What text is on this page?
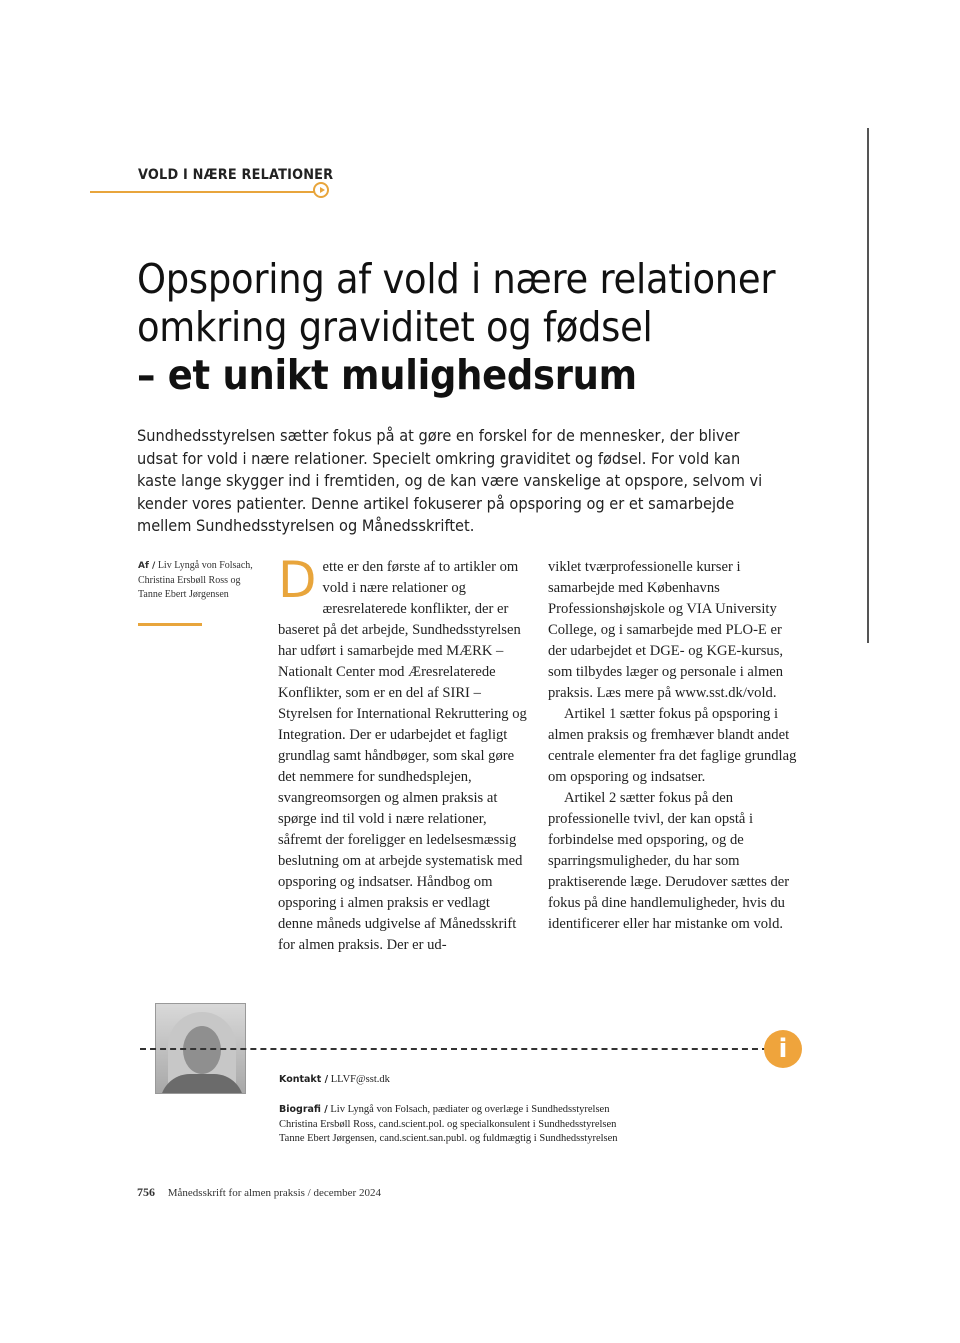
VOLD I NÆRE RELATIONER
Opsporing af vold i nære relationer
omkring graviditet og fødsel
– et unikt mulighedsrum
Sundhedsstyrelsen sætter fokus på at gøre en forskel for de mennesker, der bliver udsat for vold i nære relationer. Specielt omkring graviditet og fødsel. For vold kan kaste lange skygger ind i fremtiden, og de kan være vanskelige at opspore, selvom vi kender vores patienter. Denne artikel fokuserer på opsporing og er et samarbejde mellem Sundhedsstyrelsen og Månedsskriftet.
Af / Liv Lyngå von Folsach, Christina Ersbøll Ross og Tanne Ebert Jørgensen D ette er den første af to artikler om vold i nære relationer og æresrelaterede konflikter, der er baseret på det arbejde, Sundhedsstyrelsen har udført i samarbejde med MÆRK – Nationalt Center mod Æresrelaterede Konflikter, som er en del af SIRI – Styrelsen for International Rekruttering og Integration. Der er udarbejdet et fagligt grundlag samt håndbøger, som skal gøre det nemmere for sundhedsplejen, svangreomsorgen og almen praksis at spørge ind til vold i nære relationer, såfremt der foreligger en ledelsesmæssig beslutning om at arbejde systematisk med opsporing og indsatser. Håndbog om opsporing i almen praksis er vedlagt denne måneds udgivelse af Månedsskrift for almen praksis. Der er ud-

viklet tværprofessionelle kurser i samarbejde med Københavns Professionshøjskole og VIA University College, og i samarbejde med PLO-E er der udarbejdet et DGE- og KGE-kursus, som tilbydes læger og personale i almen praksis. Læs mere på www.sst.dk/vold.

Artikel 1 sætter fokus på opsporing i almen praksis og fremhæver blandt andet centrale elementer fra det faglige grundlag om opsporing og indsatser.

Artikel 2 sætter fokus på den professionelle tvivl, der kan opstå i forbindelse med opsporing, og de sparringsmuligheder, du har som praktiserende læge. Derudover sættes der fokus på dine handlemuligheder, hvis du identificerer eller har mistanke om vold.

i
Kontakt / LLVF@sst.dk
Biografi / Liv Lyngå von Folsach, pædiater og overlæge i Sundhedsstyrelsen
Christina Ersbøll Ross, cand.scient.pol. og specialkonsulent i Sundhedsstyrelsen
Tanne Ebert Jørgensen, cand.scient.san.publ. og fuldmægtig i Sundhedsstyrelsen
756 Månedsskrift for almen praksis / december 2024
